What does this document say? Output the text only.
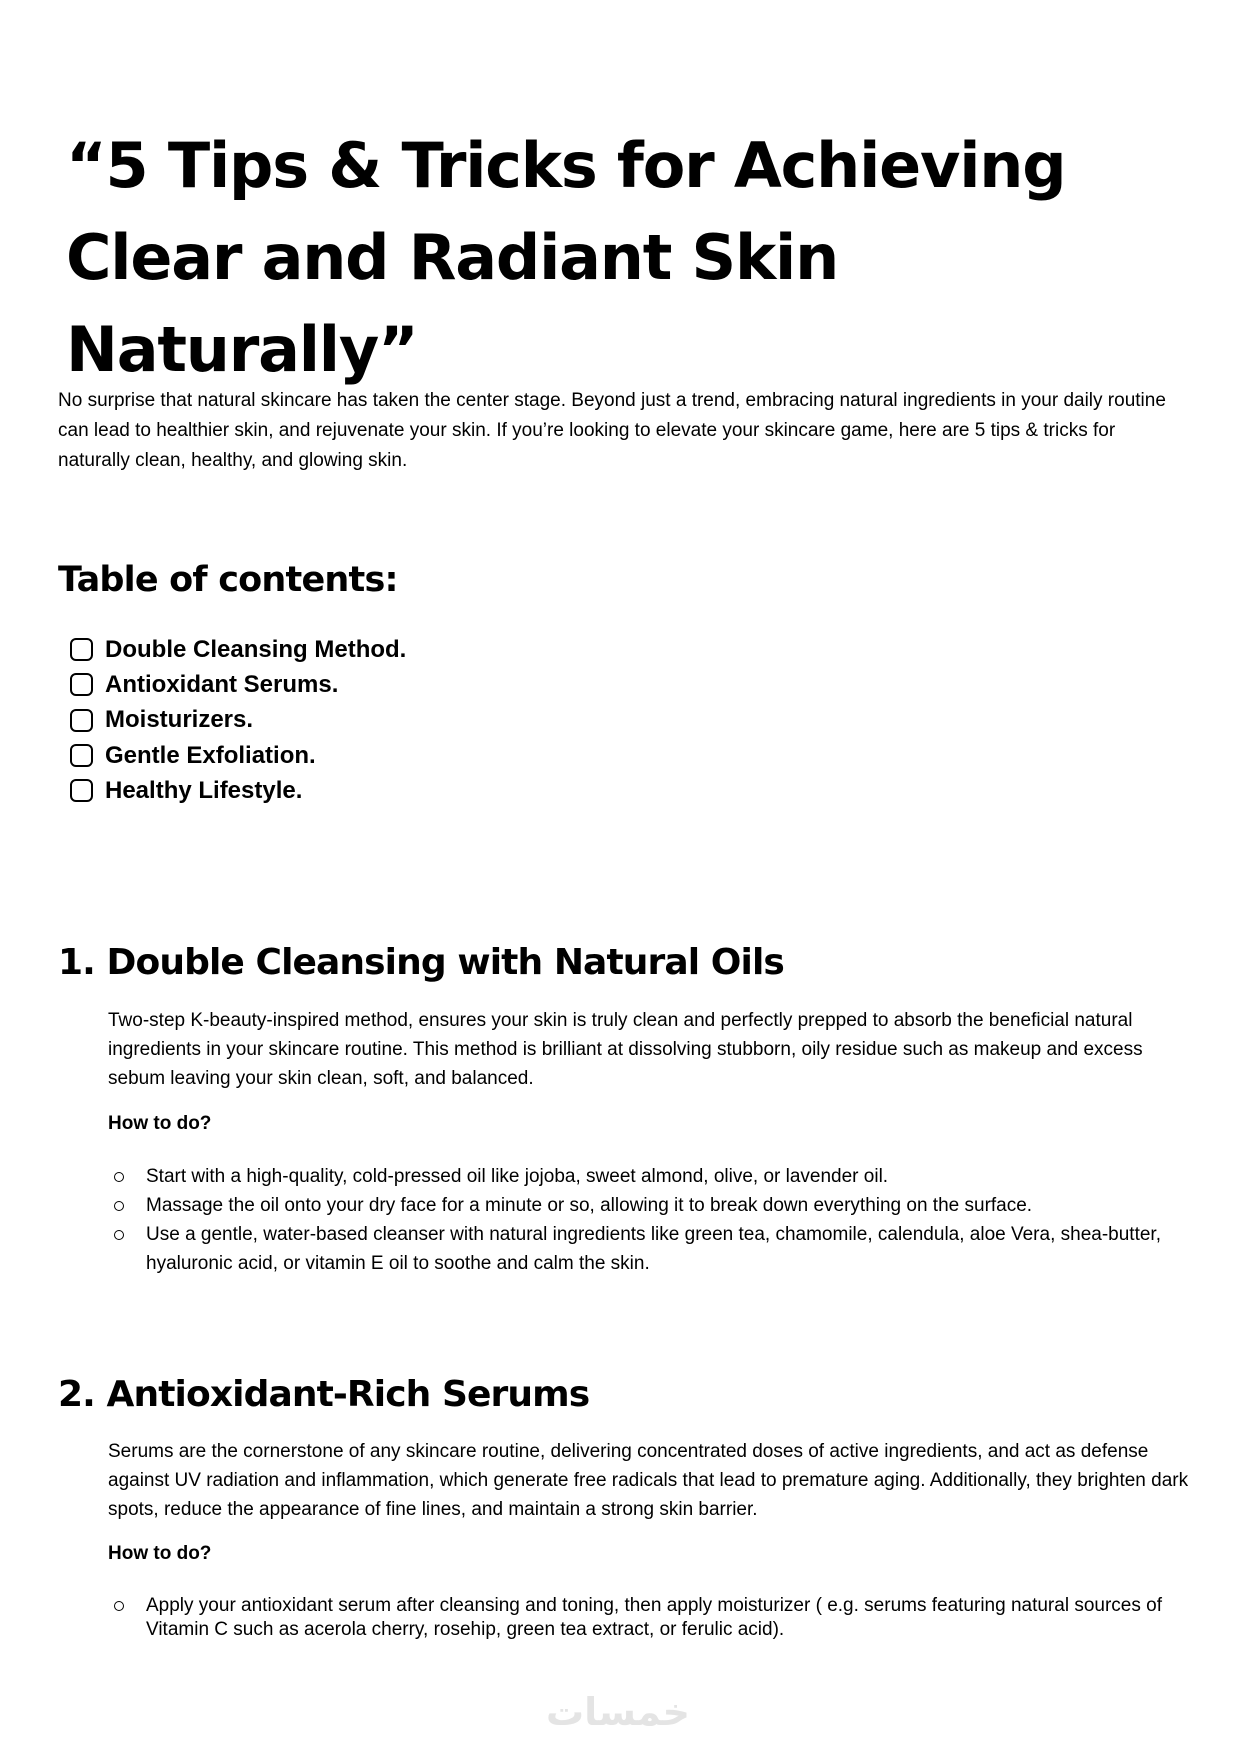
“5 Tips & Tricks for Achieving
Clear and Radiant Skin Naturally”

No surprise that natural skincare has taken the center stage. Beyond just a trend, embracing natural ingredients in your daily routine can lead to healthier skin, and rejuvenate your skin. If you’re looking to elevate your skincare game, here are 5 tips & tricks for naturally clean, healthy, and glowing skin.

Table of contents:
Double Cleansing Method.
Antioxidant Serums.
Moisturizers.
Gentle Exfoliation.
Healthy Lifestyle.
1. Double Cleansing with Natural Oils

Two-step K-beauty-inspired method, ensures your skin is truly clean and perfectly prepped to absorb the beneficial natural ingredients in your skincare routine. This method is brilliant at dissolving stubborn, oily residue such as makeup and excess sebum leaving your skin clean, soft, and balanced.

How to do?

Start with a high-quality, cold-pressed oil like jojoba, sweet almond, olive, or lavender oil.
Massage the oil onto your dry face for a minute or so, allowing it to break down everything on the surface.
Use a gentle, water-based cleanser with natural ingredients like green tea, chamomile, calendula, aloe Vera, shea-butter, hyaluronic acid, or vitamin E oil to soothe and calm the skin.
2. Antioxidant-Rich Serums

Serums are the cornerstone of any skincare routine, delivering concentrated doses of active ingredients, and act as defense against UV radiation and inflammation, which generate free radicals that lead to premature aging. Additionally, they brighten dark spots, reduce the appearance of fine lines, and maintain a strong skin barrier.

How to do?

Apply your antioxidant serum after cleansing and toning, then apply moisturizer ( e.g. serums featuring natural sources of Vitamin C such as acerola cherry, rosehip, green tea extract, or ferulic acid).
خمسات
